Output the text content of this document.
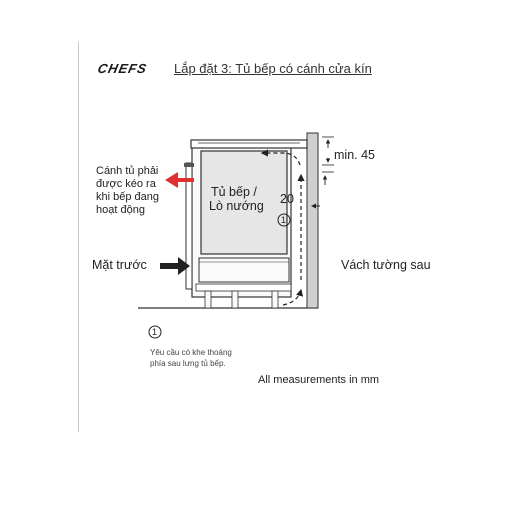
CHEFS Lắp đặt 3: Tủ bếp có cánh cửa kín
Cánh tủ phải
được kéo ra
khi bếp đang
hoạt động
Tủ bếp /
Lò nướng
Mặt trước	Vách tường sau
min. 45
20
1
1
Yêu cầu có khe thoáng
phía sau lưng tủ bếp.
All measurements in mm
